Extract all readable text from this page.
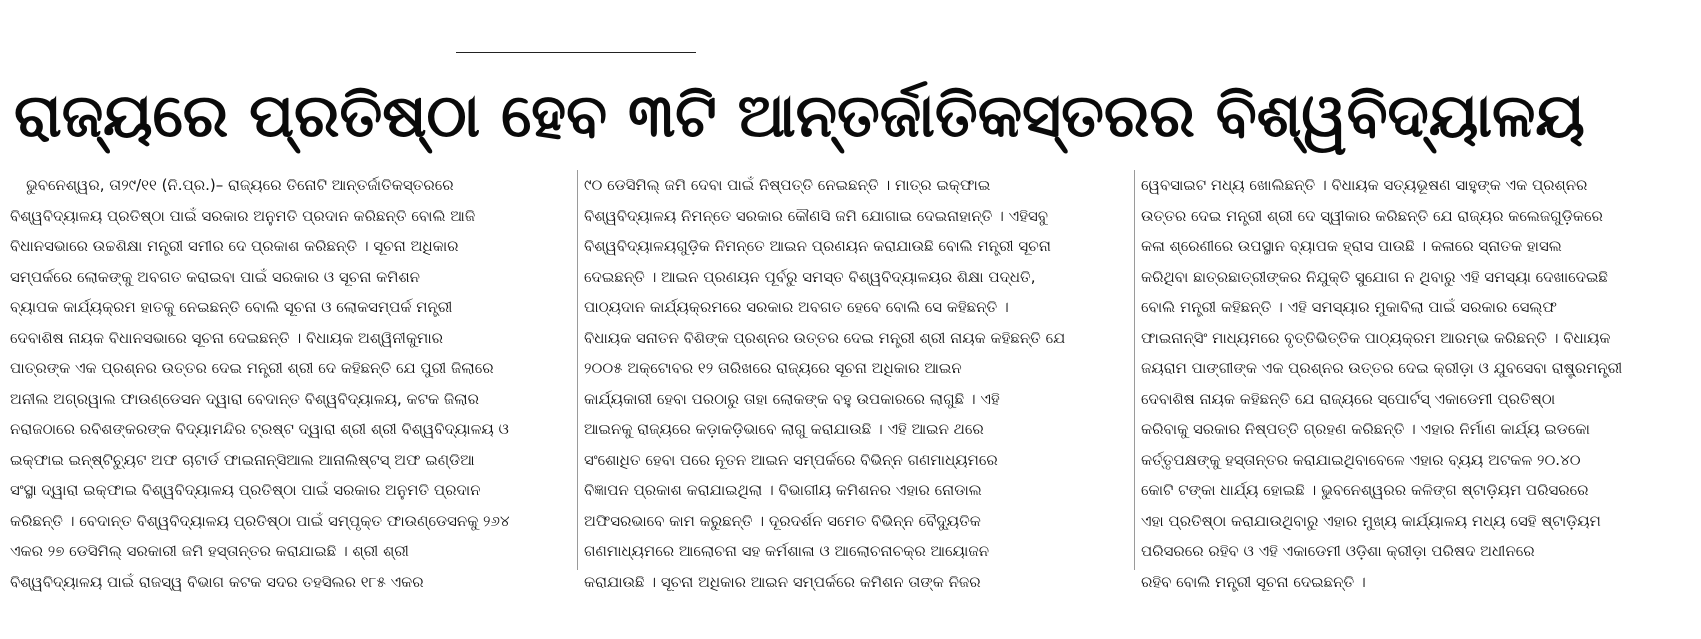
ରାଜ୍ୟରେ ପ୍ରତିଷ୍ଠା ହେବ ୩ଟି ଆନ୍ତର୍ଜାତିକସ୍ତରର ବିଶ୍ୱବିଦ୍ୟାଳୟ
ଭୁବନେଶ୍ୱର, ତା୨୯/୧୧ (ନି.ପ୍ର.)– ରାଜ୍ୟରେ ତିନୋଟି ଆନ୍ତର୍ଜାତିକସ୍ତରରେ
ବିଶ୍ୱବିଦ୍ୟାଳୟ ପ୍ରତିଷ୍ଠା ପାଇଁ ସରକାର ଅନୁମତି ପ୍ରଦାନ କରିଛନ୍ତି ବୋଲି ଆଜି
ବିଧାନସଭାରେ ଉଚ୍ଚଶିକ୍ଷା ମନ୍ତ୍ରୀ ସମୀର ଦେ ପ୍ରକାଶ କରିଛନ୍ତି । ସୂଚନା ଅଧିକାର
ସମ୍ପର୍କରେ ଲୋକଙ୍କୁ ଅବଗତ କରାଇବା ପାଇଁ ସରକାର ଓ ସୂଚନା କମିଶନ
ବ୍ୟାପକ କାର୍ଯ୍ୟକ୍ରମ ହାତକୁ ନେଇଛନ୍ତି ବୋଲି ସୂଚନା ଓ ଲୋକସମ୍ପର୍କ ମନ୍ତ୍ରୀ
ଦେବାଶିଷ ନାୟକ ବିଧାନସଭାରେ ସୂଚନା ଦେଇଛନ୍ତି । ବିଧାୟକ ଅଶ୍ୱିନୀକୁମାର
ପାତ୍ରଙ୍କ ଏକ ପ୍ରଶ୍ନର ଉତ୍ତର ଦେଇ ମନ୍ତ୍ରୀ ଶ୍ରୀ ଦେ କହିଛନ୍ତି ଯେ ପୁରୀ ଜିଲାରେ
ଅନୀଲ ଅଗ୍ରୱାଲ ଫାଉଣ୍ଡେସନ ଦ୍ୱାରା ବେଦାନ୍ତ ବିଶ୍ୱବିଦ୍ୟାଳୟ, କଟକ ଜିଲାର
ନରାଜଠାରେ ରବିଶଙ୍କରଙ୍କ ବିଦ୍ୟାମନ୍ଦିର ଟ୍ରଷ୍ଟ ଦ୍ୱାରା ଶ୍ରୀ ଶ୍ରୀ ବିଶ୍ୱବିଦ୍ୟାଳୟ ଓ
ଇକ୍‌ଫାଇ ଇନ୍‌ଷ୍ଟିଚ୍ୟୁଟ ଅଫ ଚାଟାର୍ଡ ଫାଇନାନ୍ସିଆଲ ଆନାଲିଷ୍ଟସ୍ ଅଫ ଇଣ୍ଡିଆ
ସଂସ୍ଥା ଦ୍ୱାରା ଇକ୍‌ଫାଇ ବିଶ୍ୱବିଦ୍ୟାଳୟ ପ୍ରତିଷ୍ଠା ପାଇଁ ସରକାର ଅନୁମତି ପ୍ରଦାନ
କରିଛନ୍ତି । ବେଦାନ୍ତ ବିଶ୍ୱବିଦ୍ୟାଳୟ ପ୍ରତିଷ୍ଠା ପାଇଁ ସମ୍ପୃକ୍ତ ଫାଉଣ୍ଡେସନକୁ ୨୬୪
ଏକର ୨୭ ଡେସିମିଲ୍ ସରକାରୀ ଜମି ହସ୍ତାନ୍ତର କରାଯାଇଛି । ଶ୍ରୀ ଶ୍ରୀ
ବିଶ୍ୱବିଦ୍ୟାଳୟ ପାଇଁ ରାଜସ୍ୱ ବିଭାଗ କଟକ ସଦର ତହସିଲର ୧୮୫ ଏକର
୯୦ ଡେସିମିଲ୍ ଜମି ଦେବା ପାଇଁ ନିଷ୍ପତ୍ତି ନେଇଛନ୍ତି । ମାତ୍ର ଇକ୍‌ଫାଇ
ବିଶ୍ୱବିଦ୍ୟାଳୟ ନିମନ୍ତେ ସରକାର କୌଣସି ଜମି ଯୋଗାଇ ଦେଇନାହାନ୍ତି । ଏହିସବୁ
ବିଶ୍ୱବିଦ୍ୟାଳୟଗୁଡ଼ିକ ନିମନ୍ତେ ଆଇନ ପ୍ରଣୟନ କରାଯାଉଛି ବୋଲି ମନ୍ତ୍ରୀ ସୂଚନା
ଦେଇଛନ୍ତି । ଆଇନ ପ୍ରଣୟନ ପୂର୍ବରୁ ସମସ୍ତ ବିଶ୍ୱବିଦ୍ୟାଳୟର ଶିକ୍ଷା ପଦ୍ଧତି,
ପାଠ୍ୟଦାନ କାର୍ଯ୍ୟକ୍ରମରେ ସରକାର ଅବଗତ ହେବେ ବୋଲି ସେ କହିଛନ୍ତି ।
ବିଧାୟକ ସନାତନ ବିଶିଙ୍କ ପ୍ରଶ୍ନର ଉତ୍ତର ଦେଇ ମନ୍ତ୍ରୀ ଶ୍ରୀ ନାୟକ କହିଛନ୍ତି ଯେ
୨୦୦୫ ଅକ୍ଟୋବର ୧୨ ତାରିଖରେ ରାଜ୍ୟରେ ସୂଚନା ଅଧିକାର ଆଇନ
କାର୍ଯ୍ୟକାରୀ ହେବା ପରଠାରୁ ତାହା ଲୋକଙ୍କ ବହୁ ଉପକାରରେ ଲାଗୁଛି । ଏହି
ଆଇନକୁ ରାଜ୍ୟରେ କଡ଼ାକଡ଼ିଭାବେ ଲାଗୁ କରାଯାଉଛି । ଏହି ଆଇନ ଥରେ
ସଂଶୋଧିତ ହେବା ପରେ ନୂତନ ଆଇନ ସମ୍ପର୍କରେ ବିଭିନ୍ନ ଗଣମାଧ୍ୟମରେ
ବିଜ୍ଞାପନ ପ୍ରକାଶ କରାଯାଇଥିଲା । ବିଭାଗୀୟ କମିଶନର ଏହାର ନୋଡାଲ
ଅଫିସରଭାବେ କାମ କରୁଛନ୍ତି । ଦୂରଦର୍ଶନ ସମେତ ବିଭିନ୍ନ ବୈଦ୍ୟୁତିକ
ଗଣମାଧ୍ୟମରେ ଆଲୋଚନା ସହ କର୍ମଶାଳା ଓ ଆଲୋଚନାଚକ୍ର ଆୟୋଜନ
କରାଯାଉଛି । ସୂଚନା ଅଧିକାର ଆଇନ ସମ୍ପର୍କରେ କମିଶନ ତାଙ୍କ ନିଜର
ୱେବସାଇଟ ମଧ୍ୟ ଖୋଲିଛନ୍ତି । ବିଧାୟକ ସତ୍ୟଭୂଷଣ ସାହୁଙ୍କ ଏକ ପ୍ରଶ୍ନର
ଉତ୍ତର ଦେଇ ମନ୍ତ୍ରୀ ଶ୍ରୀ ଦେ ସ୍ୱୀକାର କରିଛନ୍ତି ଯେ ରାଜ୍ୟର କଲେଜଗୁଡ଼ିକରେ
କଳା ଶ୍ରେଣୀରେ ଉପସ୍ଥାନ ବ୍ୟାପକ ହ୍ରାସ ପାଉଛି । କଳାରେ ସ୍ନାତକ ହାସଲ
କରିଥିବା ଛାତ୍ରଛାତ୍ରୀଙ୍କର ନିଯୁକ୍ତି ସୁଯୋଗ ନ ଥିବାରୁ ଏହି ସମସ୍ୟା ଦେଖାଦେଇଛି
ବୋଲି ମନ୍ତ୍ରୀ କହିଛନ୍ତି । ଏହି ସମସ୍ୟାର ମୁକାବିଲା ପାଇଁ ସରକାର ସେଲ୍ଫ
ଫାଇନାନ୍ସିଂ ମାଧ୍ୟମରେ ବୃତ୍ତିଭିତ୍ତିକ ପାଠ୍ୟକ୍ରମ ଆରମ୍ଭ କରିଛନ୍ତି । ବିଧାୟକ
ଜୟରାମ ପାଙ୍ଗୀଙ୍କ ଏକ ପ୍ରଶ୍ନର ଉତ୍ତର ଦେଇ କ୍ରୀଡ଼ା ଓ ଯୁବସେବା ରାଷ୍ଟ୍ରମନ୍ତ୍ରୀ
ଦେବାଶିଷ ନାୟକ କହିଛନ୍ତି ଯେ ରାଜ୍ୟରେ ସ୍ପୋର୍ଟସ୍ ଏକାଡେମୀ ପ୍ରତିଷ୍ଠା
କରିବାକୁ ସରକାର ନିଷ୍ପତ୍ତି ଗ୍ରହଣ କରିଛନ୍ତି । ଏହାର ନିର୍ମାଣ କାର୍ଯ୍ୟ ଇଡକୋ
କର୍ତ୍ତୃପକ୍ଷଙ୍କୁ ହସ୍ତାନ୍ତର କରାଯାଇଥିବାବେଳେ ଏହାର ବ୍ୟୟ ଅଟକଳ ୨୦.୪୦
କୋଟି ଟଙ୍କା ଧାର୍ଯ୍ୟ ହୋଇଛି । ଭୁବନେଶ୍ୱରର କଳିଙ୍ଗ ଷ୍ଟାଡ଼ିୟମ ପରିସରରେ
ଏହା ପ୍ରତିଷ୍ଠା କରାଯାଉଥିବାରୁ ଏହାର ମୁଖ୍ୟ କାର୍ଯ୍ୟାଳୟ ମଧ୍ୟ ସେହି ଷ୍ଟାଡ଼ିୟମ
ପରିସରରେ ରହିବ ଓ ଏହି ଏକାଡେମୀ ଓଡ଼ିଶା କ୍ରୀଡ଼ା ପରିଷଦ ଅଧୀନରେ
ରହିବ ବୋଲି ମନ୍ତ୍ରୀ ସୂଚନା ଦେଇଛନ୍ତି ।
